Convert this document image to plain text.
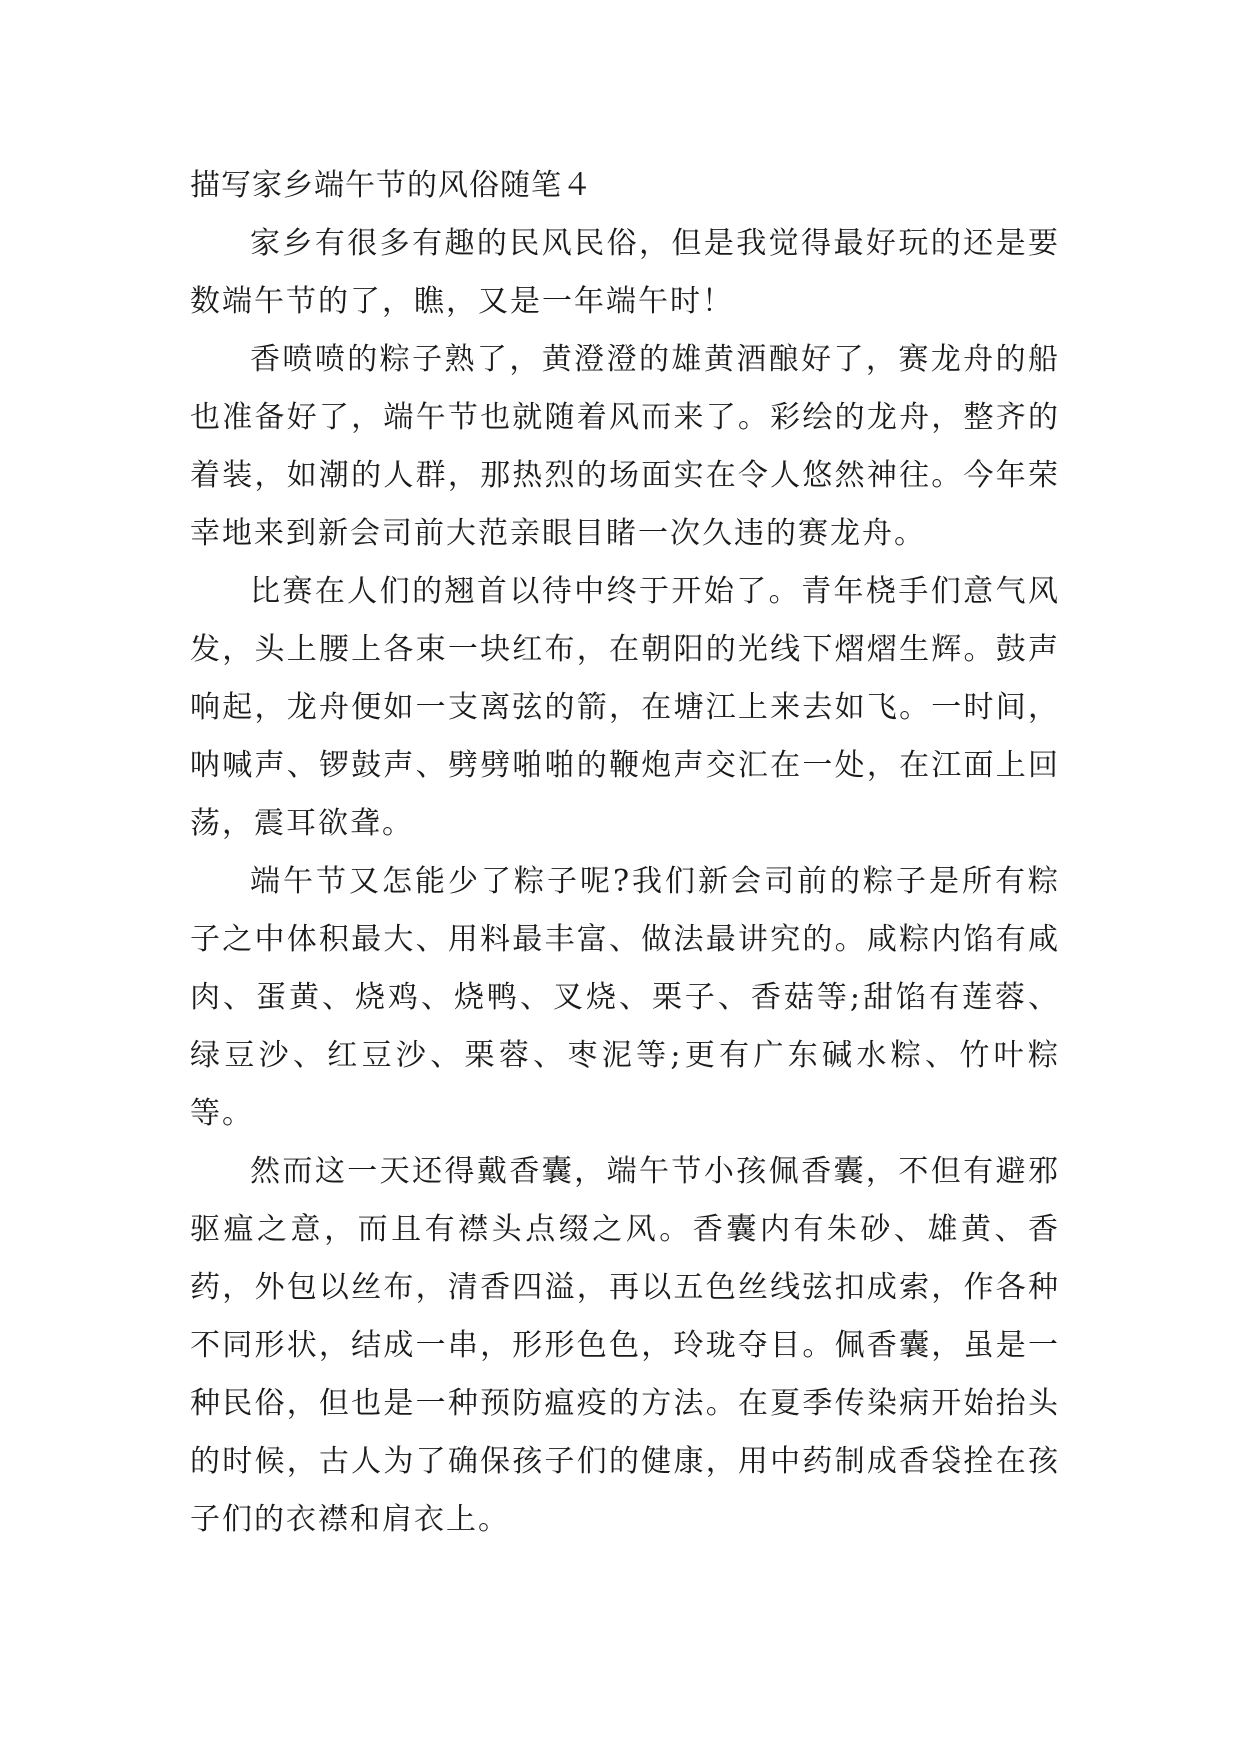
描写家乡端午节的风俗随笔４

家乡有很多有趣的民风民俗，但是我觉得最好玩的还是要数端午节的了，瞧，又是一年端午时！

香喷喷的粽子熟了，黄澄澄的雄黄酒酿好了，赛龙舟的船也准备好了，端午节也就随着风而来了。彩绘的龙舟，整齐的着装，如潮的人群，那热烈的场面实在令人悠然神往。今年荣幸地来到新会司前大范亲眼目睹一次久违的赛龙舟。

比赛在人们的翘首以待中终于开始了。青年桡手们意气风发，头上腰上各束一块红布，在朝阳的光线下熠熠生辉。鼓声响起，龙舟便如一支离弦的箭，在塘江上来去如飞。一时间，呐喊声、锣鼓声、劈劈啪啪的鞭炮声交汇在一处，在江面上回荡，震耳欲聋。

端午节又怎能少了粽子呢?我们新会司前的粽子是所有粽子之中体积最大、用料最丰富、做法最讲究的。咸粽内馅有咸肉、蛋黄、烧鸡、烧鸭、叉烧、栗子、香菇等;甜馅有莲蓉、绿豆沙、红豆沙、栗蓉、枣泥等;更有广东碱水粽、竹叶粽等。

然而这一天还得戴香囊，端午节小孩佩香囊，不但有避邪驱瘟之意，而且有襟头点缀之风。香囊内有朱砂、雄黄、香药，外包以丝布，清香四溢，再以五色丝线弦扣成索，作各种不同形状，结成一串，形形色色，玲珑夺目。佩香囊，虽是一种民俗，但也是一种预防瘟疫的方法。在夏季传染病开始抬头的时候，古人为了确保孩子们的健康，用中药制成香袋拴在孩子们的衣襟和肩衣上。
